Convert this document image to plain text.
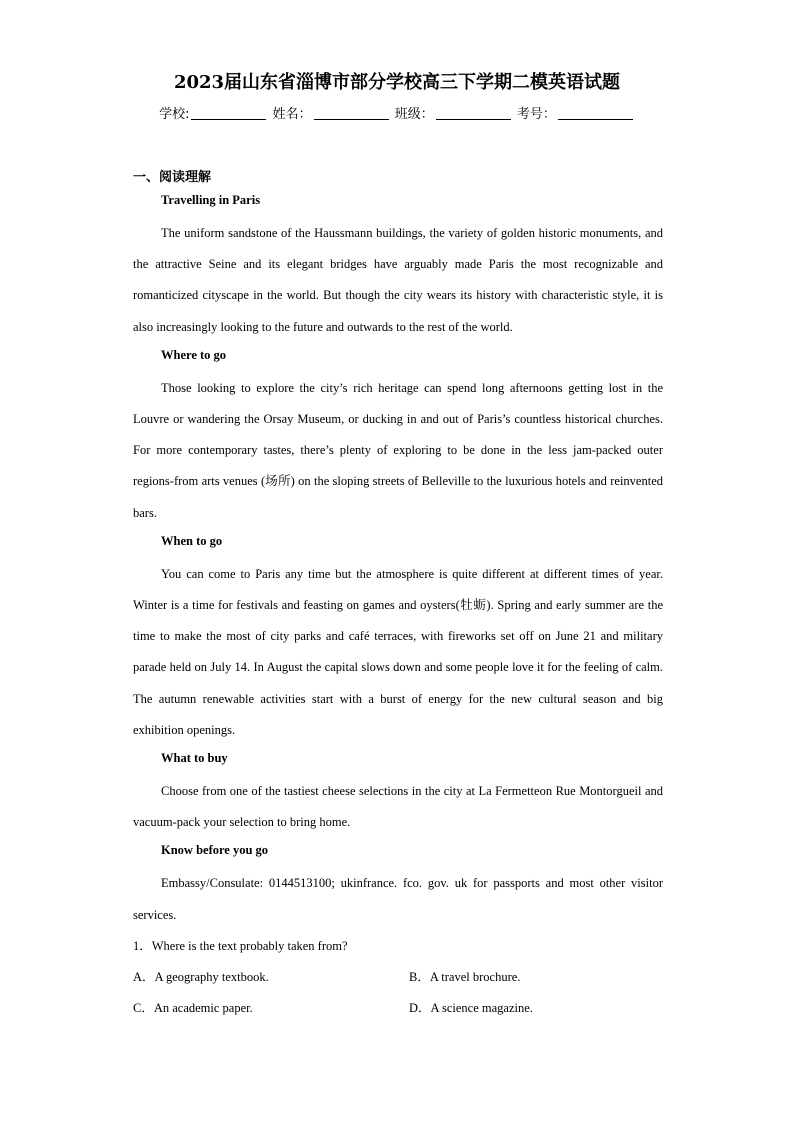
2023届山东省淄博市部分学校高三下学期二模英语试题
学校:	姓名：	班级：	考号：
一、阅读理解

Travelling in Paris

The uniform sandstone of the Haussmann buildings, the variety of golden historic monuments, and the attractive Seine and its elegant bridges have arguably made Paris the most recognizable and romanticized cityscape in the world. But though the city wears its history with characteristic style, it is also increasingly looking to the future and outwards to the rest of the world.

Where to go

Those looking to explore the city’s rich heritage can spend long afternoons getting lost in the Louvre or wandering the Orsay Museum, or ducking in and out of Paris’s countless historical churches. For more contemporary tastes, there’s plenty of exploring to be done in the less jam-packed outer regions-from arts venues (场所) on the sloping streets of Belleville to the luxurious hotels and reinvented bars.

When to go

You can come to Paris any time but the atmosphere is quite different at different times of year. Winter is a time for festivals and feasting on games and oysters(牡蛎). Spring and early summer are the time to make the most of city parks and café terraces, with fireworks set off on June 21 and military parade held on July 14. In August the capital slows down and some people love it for the feeling of calm. The autumn renewable activities start with a burst of energy for the new cultural season and big exhibition openings.

What to buy

Choose from one of the tastiest cheese selections in the city at La Fermetteon Rue Montorgueil and vacuum-pack your selection to bring home.

Know before you go

Embassy/Consulate: 0144513100; ukinfrance. fco. gov. uk for passports and most other visitor services.

1．Where is the text probably taken from?

A．A geography textbook.	B．A travel brochure.
C．An academic paper.	D．A science magazine.
